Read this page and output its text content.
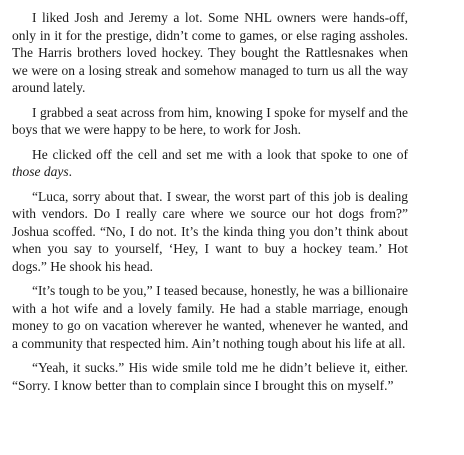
I liked Josh and Jeremy a lot. Some NHL owners were hands-off, only in it for the prestige, didn’t come to games, or else raging assholes. The Harris brothers loved hockey. They bought the Rattlesnakes when we were on a losing streak and somehow managed to turn us all the way around lately.

I grabbed a seat across from him, knowing I spoke for myself and the boys that we were happy to be here, to work for Josh.

He clicked off the cell and set me with a look that spoke to one of those days.

“Luca, sorry about that. I swear, the worst part of this job is dealing with vendors. Do I really care where we source our hot dogs from?” Joshua scoffed. “No, I do not. It’s the kinda thing you don’t think about when you say to yourself, ‘Hey, I want to buy a hockey team.’ Hot dogs.” He shook his head.

“It’s tough to be you,” I teased because, honestly, he was a billionaire with a hot wife and a lovely family. He had a stable marriage, enough money to go on vacation wherever he wanted, whenever he wanted, and a community that respected him. Ain’t nothing tough about his life at all.

“Yeah, it sucks.” His wide smile told me he didn’t believe it, either. “Sorry. I know better than to complain since I brought this on myself.”
